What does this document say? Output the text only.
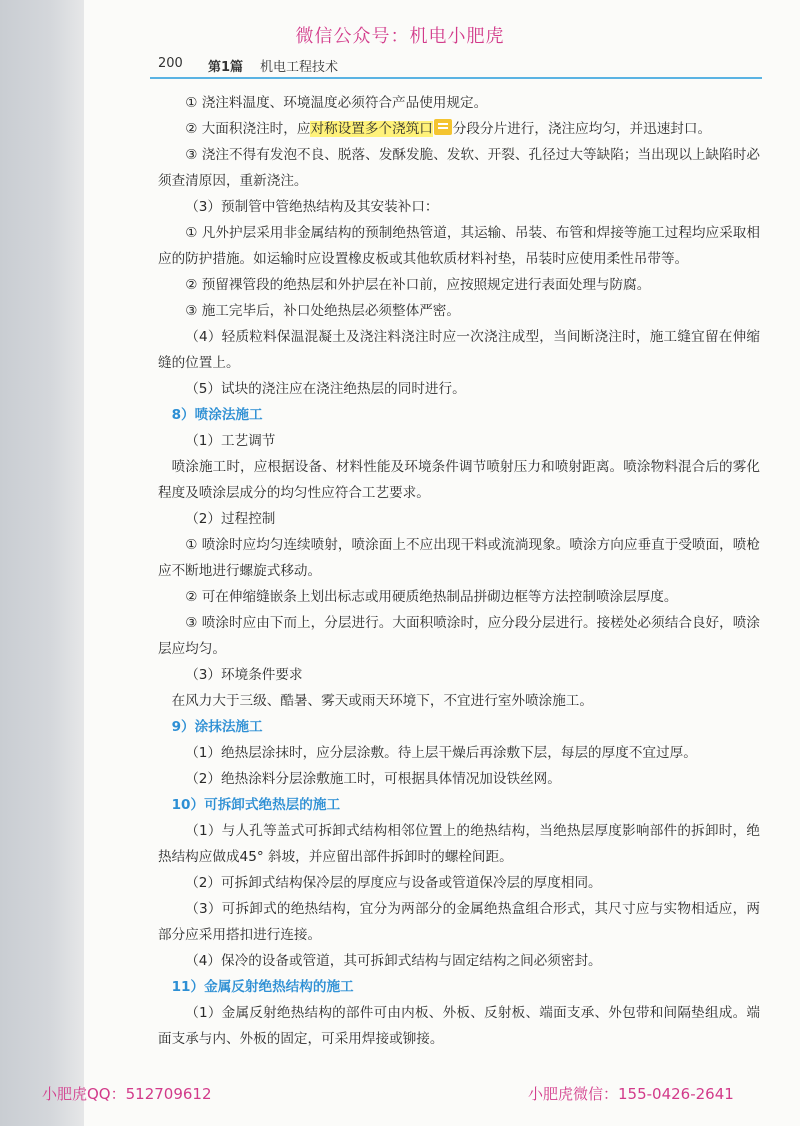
微信公众号：机电小肥虎
200 第1篇 机电工程技术

① 浇注料温度、环境温度必须符合产品使用规定。

② 大面积浇注时，应对称设置多个浇筑口 分段分片进行，浇注应均匀，并迅速封口。

③ 浇注不得有发泡不良、脱落、发酥发脆、发软、开裂、孔径过大等缺陷；当出现以上缺陷时必须查清原因，重新浇注。

（3）预制管中管绝热结构及其安装补口：

① 凡外护层采用非金属结构的预制绝热管道，其运输、吊装、布管和焊接等施工过程均应采取相应的防护措施。如运输时应设置橡皮板或其他软质材料衬垫，吊装时应使用柔性吊带等。

② 预留裸管段的绝热层和外护层在补口前，应按照规定进行表面处理与防腐。

③ 施工完毕后，补口处绝热层必须整体严密。

（4）轻质粒料保温混凝土及浇注料浇注时应一次浇注成型，当间断浇注时，施工缝宜留在伸缩缝的位置上。

（5）试块的浇注应在浇注绝热层的同时进行。

8）喷涂法施工

（1）工艺调节

喷涂施工时，应根据设备、材料性能及环境条件调节喷射压力和喷射距离。喷涂物料混合后的雾化程度及喷涂层成分的均匀性应符合工艺要求。

（2）过程控制

① 喷涂时应均匀连续喷射，喷涂面上不应出现干料或流淌现象。喷涂方向应垂直于受喷面，喷枪应不断地进行螺旋式移动。

② 可在伸缩缝嵌条上划出标志或用硬质绝热制品拼砌边框等方法控制喷涂层厚度。

③ 喷涂时应由下而上，分层进行。大面积喷涂时，应分段分层进行。接槎处必须结合良好，喷涂层应均匀。

（3）环境条件要求

在风力大于三级、酷暑、雾天或雨天环境下，不宜进行室外喷涂施工。

9）涂抹法施工

（1）绝热层涂抹时，应分层涂敷。待上层干燥后再涂敷下层，每层的厚度不宜过厚。

（2）绝热涂料分层涂敷施工时，可根据具体情况加设铁丝网。

10）可拆卸式绝热层的施工

（1）与人孔等盖式可拆卸式结构相邻位置上的绝热结构，当绝热层厚度影响部件的拆卸时，绝热结构应做成45° 斜坡，并应留出部件拆卸时的螺栓间距。

（2）可拆卸式结构保冷层的厚度应与设备或管道保冷层的厚度相同。

（3）可拆卸式的绝热结构，宜分为两部分的金属绝热盒组合形式，其尺寸应与实物相适应，两部分应采用搭扣进行连接。

（4）保冷的设备或管道，其可拆卸式结构与固定结构之间必须密封。

11）金属反射绝热结构的施工

（1）金属反射绝热结构的部件可由内板、外板、反射板、端面支承、外包带和间隔垫组成。端面支承与内、外板的固定，可采用焊接或铆接。

小肥虎QQ：512709612	小肥虎微信：155-0426-2641
